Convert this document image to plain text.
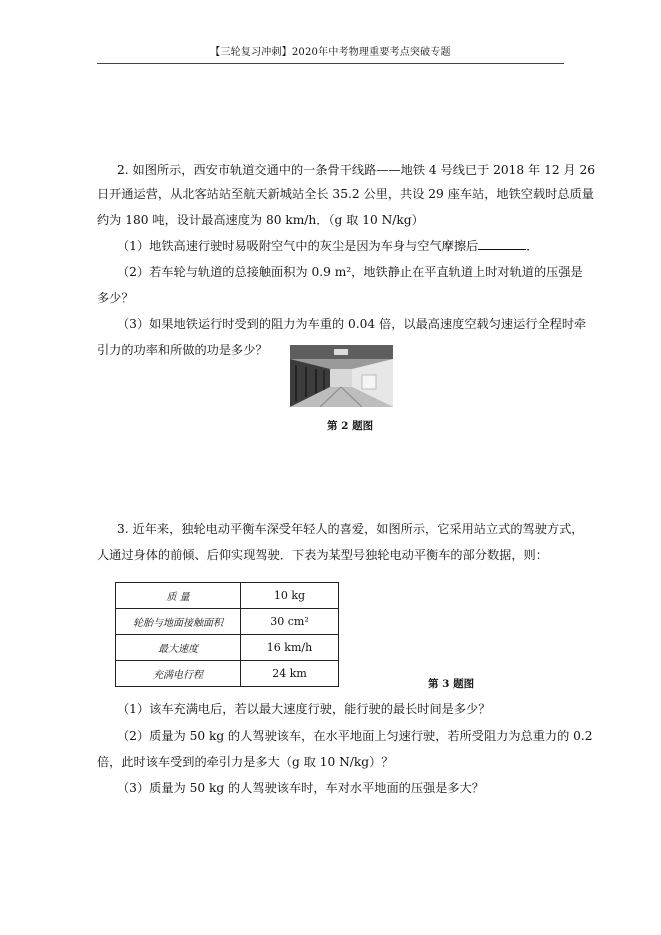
【三轮复习冲刺】2020年中考物理重要考点突破专题
2. 如图所示，西安市轨道交通中的一条骨干线路——地铁 4 号线已于 2018 年 12 月 26
日开通运营，从北客站站至航天新城站全长 35.2 公里，共设 29 座车站，地铁空载时总质量
约为 180 吨，设计最高速度为 80 km/h．（g 取 10 N/kg）
（1）地铁高速行驶时易吸附空气中的灰尘是因为车身与空气摩擦后	．
（2）若车轮与轨道的总接触面积为 0.9 m²，地铁静止在平直轨道上时对轨道的压强是
多少？
（3）如果地铁运行时受到的阻力为车重的 0.04 倍，以最高速度空载匀速运行全程时牵
引力的功率和所做的功是多少？
第 2 题图
3. 近年来，独轮电动平衡车深受年轻人的喜爱，如图所示，它采用站立式的驾驶方式，
人通过身体的前倾、后仰实现驾驶．下表为某型号独轮电动平衡车的部分数据，则：
质 量	10 kg
轮胎与地面接触面积	30 cm²
最大速度	16 km/h
充满电行程	24 km
第 3 题图
（1）该车充满电后，若以最大速度行驶，能行驶的最长时间是多少？
（2）质量为 50 kg 的人驾驶该车，在水平地面上匀速行驶，若所受阻力为总重力的 0.2
倍，此时该车受到的牵引力是多大（g 取 10 N/kg）？
（3）质量为 50 kg 的人驾驶该车时，车对水平地面的压强是多大？
